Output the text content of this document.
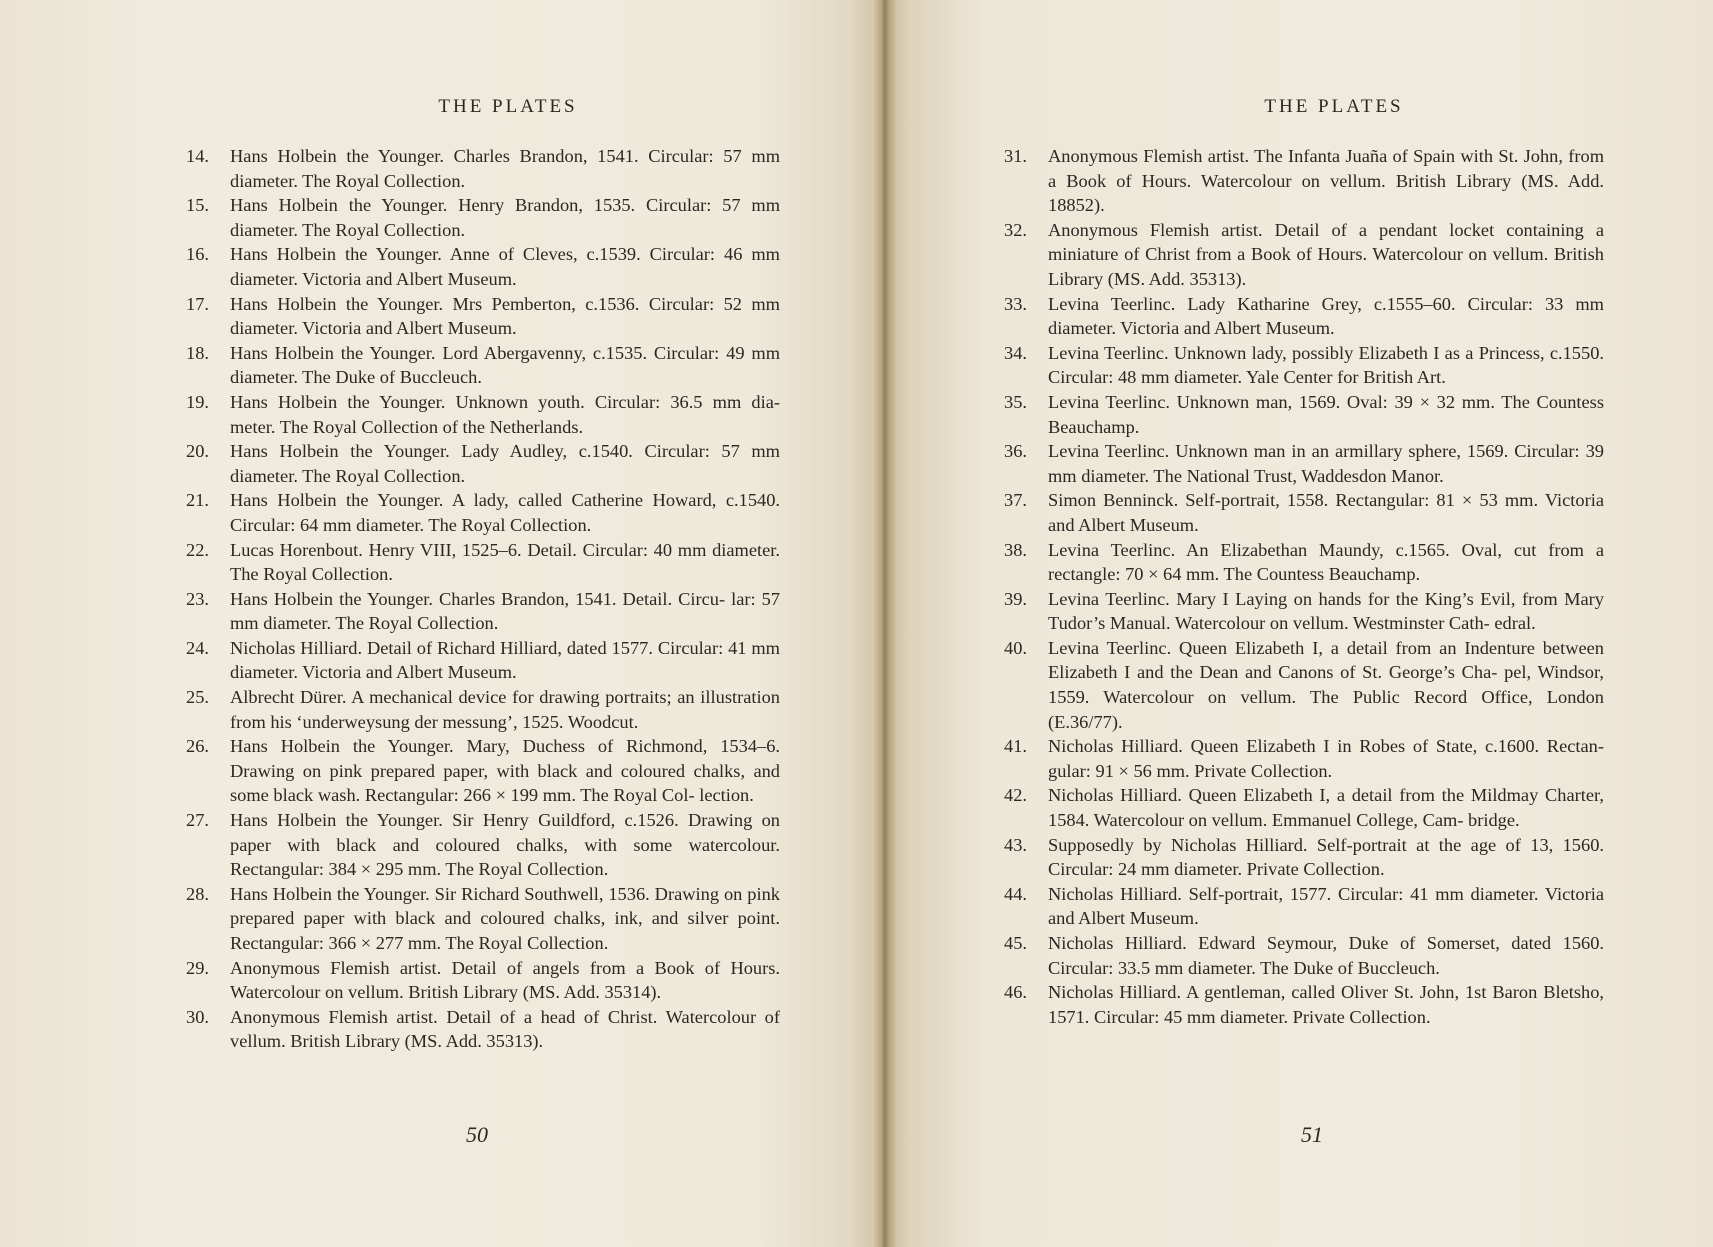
THE PLATES
14. Hans Holbein the Younger. Charles Brandon, 1541. Circular: 57 mm diameter. The Royal Collection.
15. Hans Holbein the Younger. Henry Brandon, 1535. Circular: 57 mm diameter. The Royal Collection.
16. Hans Holbein the Younger. Anne of Cleves, c.1539. Circular: 46 mm diameter. Victoria and Albert Museum.
17. Hans Holbein the Younger. Mrs Pemberton, c.1536. Circular: 52 mm diameter. Victoria and Albert Museum.
18. Hans Holbein the Younger. Lord Abergavenny, c.1535. Circular: 49 mm diameter. The Duke of Buccleuch.
19. Hans Holbein the Younger. Unknown youth. Circular: 36.5 mm dia- meter. The Royal Collection of the Netherlands.
20. Hans Holbein the Younger. Lady Audley, c.1540. Circular: 57 mm diameter. The Royal Collection.
21. Hans Holbein the Younger. A lady, called Catherine Howard, c.1540. Circular: 64 mm diameter. The Royal Collection.
22. Lucas Horenbout. Henry VIII, 1525–6. Detail. Circular: 40 mm diameter. The Royal Collection.
23. Hans Holbein the Younger. Charles Brandon, 1541. Detail. Circu- lar: 57 mm diameter. The Royal Collection.
24. Nicholas Hilliard. Detail of Richard Hilliard, dated 1577. Circular: 41 mm diameter. Victoria and Albert Museum.
25. Albrecht Dürer. A mechanical device for drawing portraits; an illustration from his ‘underweysung der messung’, 1525. Woodcut.
26. Hans Holbein the Younger. Mary, Duchess of Richmond, 1534–6. Drawing on pink prepared paper, with black and coloured chalks, and some black wash. Rectangular: 266 × 199 mm. The Royal Col- lection.
27. Hans Holbein the Younger. Sir Henry Guildford, c.1526. Drawing on paper with black and coloured chalks, with some watercolour. Rectangular: 384 × 295 mm. The Royal Collection.
28. Hans Holbein the Younger. Sir Richard Southwell, 1536. Drawing on pink prepared paper with black and coloured chalks, ink, and silver point. Rectangular: 366 × 277 mm. The Royal Collection.
29. Anonymous Flemish artist. Detail of angels from a Book of Hours. Watercolour on vellum. British Library (MS. Add. 35314).
30. Anonymous Flemish artist. Detail of a head of Christ. Watercolour of vellum. British Library (MS. Add. 35313).
50
THE PLATES
31. Anonymous Flemish artist. The Infanta Juaña of Spain with St. John, from a Book of Hours. Watercolour on vellum. British Library (MS. Add. 18852).
32. Anonymous Flemish artist. Detail of a pendant locket containing a miniature of Christ from a Book of Hours. Watercolour on vellum. British Library (MS. Add. 35313).
33. Levina Teerlinc. Lady Katharine Grey, c.1555–60. Circular: 33 mm diameter. Victoria and Albert Museum.
34. Levina Teerlinc. Unknown lady, possibly Elizabeth I as a Princess, c.1550. Circular: 48 mm diameter. Yale Center for British Art.
35. Levina Teerlinc. Unknown man, 1569. Oval: 39 × 32 mm. The Countess Beauchamp.
36. Levina Teerlinc. Unknown man in an armillary sphere, 1569. Circular: 39 mm diameter. The National Trust, Waddesdon Manor.
37. Simon Benninck. Self-portrait, 1558. Rectangular: 81 × 53 mm. Victoria and Albert Museum.
38. Levina Teerlinc. An Elizabethan Maundy, c.1565. Oval, cut from a rectangle: 70 × 64 mm. The Countess Beauchamp.
39. Levina Teerlinc. Mary I Laying on hands for the King’s Evil, from Mary Tudor’s Manual. Watercolour on vellum. Westminster Cath- edral.
40. Levina Teerlinc. Queen Elizabeth I, a detail from an Indenture between Elizabeth I and the Dean and Canons of St. George’s Cha- pel, Windsor, 1559. Watercolour on vellum. The Public Record Office, London (E.36/77).
41. Nicholas Hilliard. Queen Elizabeth I in Robes of State, c.1600. Rectan- gular: 91 × 56 mm. Private Collection.
42. Nicholas Hilliard. Queen Elizabeth I, a detail from the Mildmay Charter, 1584. Watercolour on vellum. Emmanuel College, Cam- bridge.
43. Supposedly by Nicholas Hilliard. Self-portrait at the age of 13, 1560. Circular: 24 mm diameter. Private Collection.
44. Nicholas Hilliard. Self-portrait, 1577. Circular: 41 mm diameter. Victoria and Albert Museum.
45. Nicholas Hilliard. Edward Seymour, Duke of Somerset, dated 1560. Circular: 33.5 mm diameter. The Duke of Buccleuch.
46. Nicholas Hilliard. A gentleman, called Oliver St. John, 1st Baron Bletsho, 1571. Circular: 45 mm diameter. Private Collection.
51
